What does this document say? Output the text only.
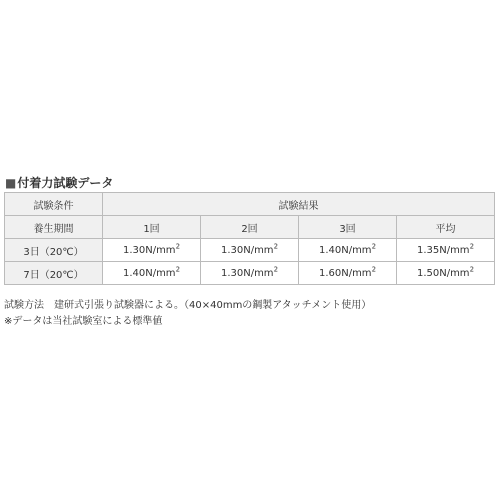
■付着力試験データ
試験条件	試験結果			
養生期間	1回	2回	3回	平均
3日（20℃）	$1.30N/mm^2$	$1.30N/mm^2$	$1.40N/mm^2$	$1.35N/mm^2$
7日（20℃）	$1.40N/mm^2$	$1.30N/mm^2$	$1.60N/mm^2$	$1.50N/mm^2$
試験方法　建研式引張り試験器による。（40×40mmの鋼製アタッチメント使用）
※データは当社試験室による標準値
